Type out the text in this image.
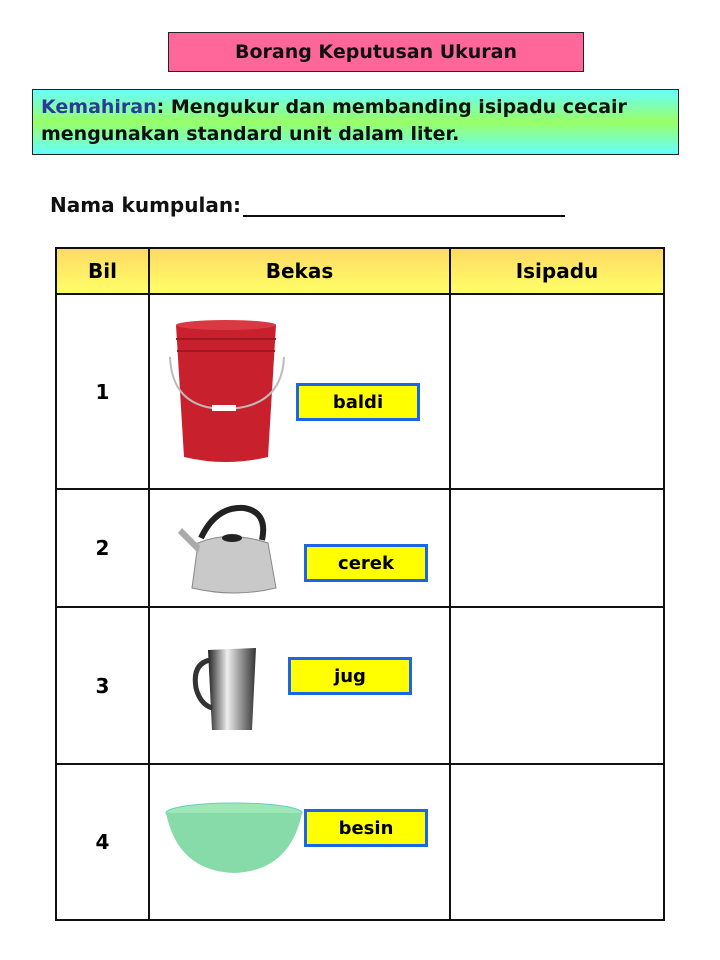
Borang Keputusan Ukuran
Kemahiran: Mengukur dan membanding isipadu cecair mengunakan standard unit dalam liter.
Nama kumpulan:
Bil	Bekas	Isipadu
1	baldi	

2	cerek	

3	jug	

4	besin	
